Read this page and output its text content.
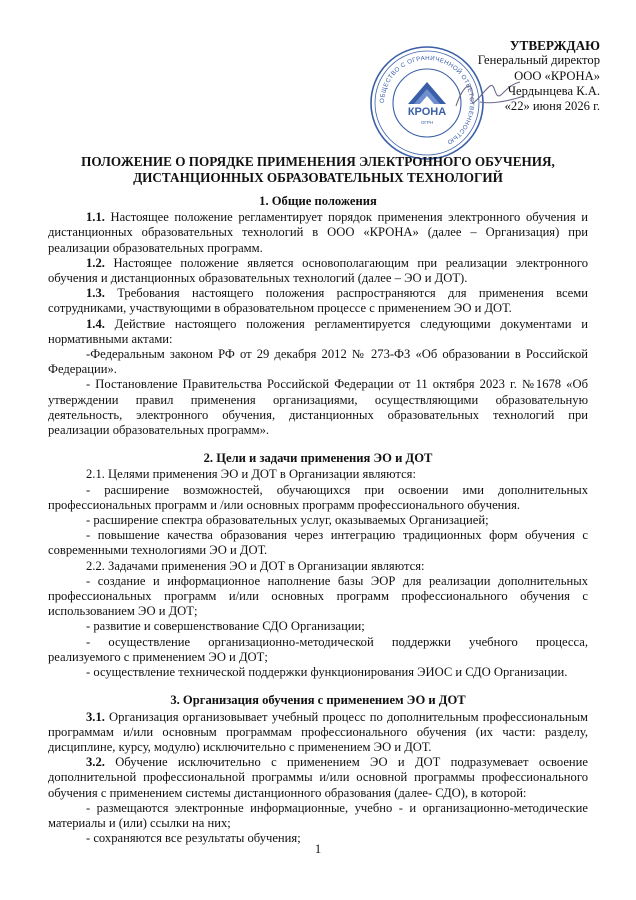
ОБЩЕСТВО С ОГРАНИЧЕННОЙ ОТВЕТСТВЕННОСТЬЮ
КРОНА
ОГРН
УТВЕРЖДАЮ
Генеральный директор
ООО «КРОНА»
Чердынцева К.А.
«22» июня 2026 г.
ПОЛОЖЕНИЕ О ПОРЯДКЕ ПРИМЕНЕНИЯ ЭЛЕКТРОННОГО ОБУЧЕНИЯ,
ДИСТАНЦИОННЫХ ОБРАЗОВАТЕЛЬНЫХ ТЕХНОЛОГИЙ
1. Общие положения

1.1. Настоящее положение регламентирует порядок применения электронного обучения и дистанционных образовательных технологий в ООО «КРОНА» (далее – Организация) при реализации образовательных программ.

1.2. Настоящее положение является основополагающим при реализации электронного обучения и дистанционных образовательных технологий (далее – ЭО и ДОТ).

1.3. Требования настоящего положения распространяются для применения всеми сотрудниками, участвующими в образовательном процессе с применением ЭО и ДОТ.

1.4. Действие настоящего положения регламентируется следующими документами и нормативными актами:

-Федеральным законом РФ от 29 декабря 2012 № 273-ФЗ «Об образовании в Российской Федерации».

- Постановление Правительства Российской Федерации от 11 октября 2023 г. №1678 «Об утверждении правил применения организациями, осуществляющими образовательную деятельность, электронного обучения, дистанционных образовательных технологий при реализации образовательных программ».

2. Цели и задачи применения ЭО и ДОТ

2.1. Целями применения ЭО и ДОТ в Организации являются:

- расширение возможностей, обучающихся при освоении ими дополнительных профессиональных программ и /или основных программ профессионального обучения.

- расширение спектра образовательных услуг, оказываемых Организацией;

- повышение качества образования через интеграцию традиционных форм обучения с современными технологиями ЭО и ДОТ.

2.2. Задачами применения ЭО и ДОТ в Организации являются:

- создание и информационное наполнение базы ЭОР для реализации дополнительных профессиональных программ и/или основных программ профессионального обучения с использованием ЭО и ДОТ;

- развитие и совершенствование СДО Организации;

- осуществление организационно-методической поддержки учебного процесса, реализуемого с применением ЭО и ДОТ;

- осуществление технической поддержки функционирования ЭИОС и СДО Организации.

3. Организация обучения с применением ЭО и ДОТ

3.1. Организация организовывает учебный процесс по дополнительным профессиональным программам и/или основным программам профессионального обучения (их части: разделу, дисциплине, курсу, модулю) исключительно с применением ЭО и ДОТ.

3.2. Обучение исключительно с применением ЭО и ДОТ подразумевает освоение дополнительной профессиональной программы и/или основной программы профессионального обучения с применением системы дистанционного образования (далее- СДО), в которой:

- размещаются электронные информационные, учебно - и организационно-методические материалы и (или) ссылки на них;

- сохраняются все результаты обучения;

1
